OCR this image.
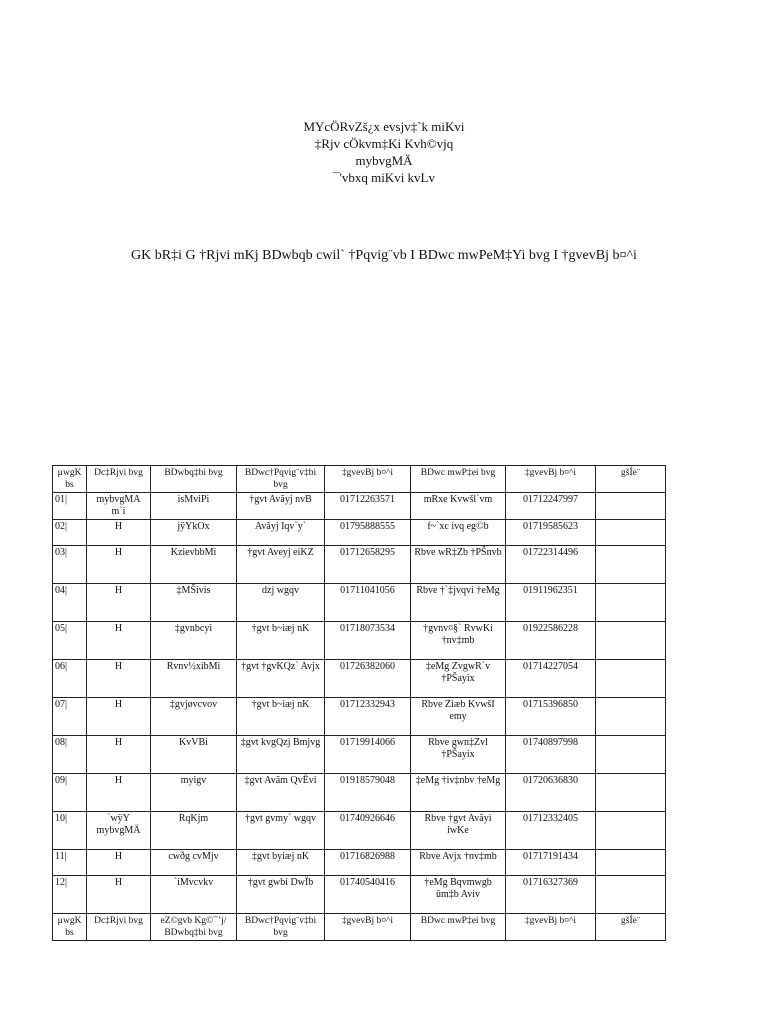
MYcÖRvZš¿x evsjv‡`k miKvi
‡Rjv cÖkvm‡Ki Kvh©vjq
mybvgMÄ
¯'vbxq miKvi kvLv
GK bR‡i G †Rjvi mKj BDwbqb cwil` †Pqvig¨vb I BDwc mwPeM‡Yi bvg I †gvevBj b¤^i
µwgK bs	Dc‡Rjvi bvg	BDwbq‡bi bvg	BDwc†Pqvig¨v‡bi bvg	‡gvevBj b¤^i	BDwc mwP‡ei bvg	‡gvevBj b¤^i	gšÍe¨
01|	mybvgMA m`i	isMviPi	†gvt Avãyj nvB	01712263571	mRxe Kvwšl`vm	01712247997	
02|	H	jÿYkOx	Avãyj Iqv`y`	01795888555	f~`xc ivq eg©b	01719585623	
03|	H	KzievbbMi	†gvt Aveyj eiKZ	01712658295	Rbve wR‡Zb †PŠnvb	01722314496	
04|	H	‡MŠivis	dzj wgqv	01711041056	Rbve †`‡jvqvi †eMg	01911962351	
05|	H	‡gvnbcyi	†gvt b~iæj nK	01718073534	†gvnv¤§` RvwKi †nv‡mb	01922586228	
06|	H	Rvnv½xibMi	†gvt †gvKQz` Avjx	01726382060	‡eMg ZvgwR`v †PŠayix	01714227054	
07|	H	‡gvjøvcvov	†gvt b~iæj nK	01712332943	Rbve Ziæb KvwšI emy	01715396850	
08|	H	KvVBi	‡gvt kvgQzj Bmjvg	01719914066	Rbve gwn‡Zvl †PŠayix	01740897998	
09|	H	myigv	‡gvt Avãm QvËvi	01918579048	‡eMg †iv‡nbv †eMg	01720636830	
10|	`wÿY mybvgMÄ	RqKjm	†gvt gvmy` wgqv	01740926646	Rbve †gvt Avãyi iwKe	01712332405	
11|	H	cwðg cvMjv	‡gvt byiæj nK	01716826988	Rbve Avjx †nv‡mb	01717191434	
12|	H	`iMvcvkv	†gvt gwbi DwÏb	01740540416	†eMg Bqvmwgb ûm‡b Aviv	01716327369	
µwgK bs	Dc‡Rjvi bvg	eZ©gvb Kg©¯’j/ BDwbq‡bi bvg	BDwc†Pqvig¨v‡bi bvg	‡gvevBj b¤^i	BDwc mwP‡ei bvg	‡gvevBj b¤^i	gšÍe¨
